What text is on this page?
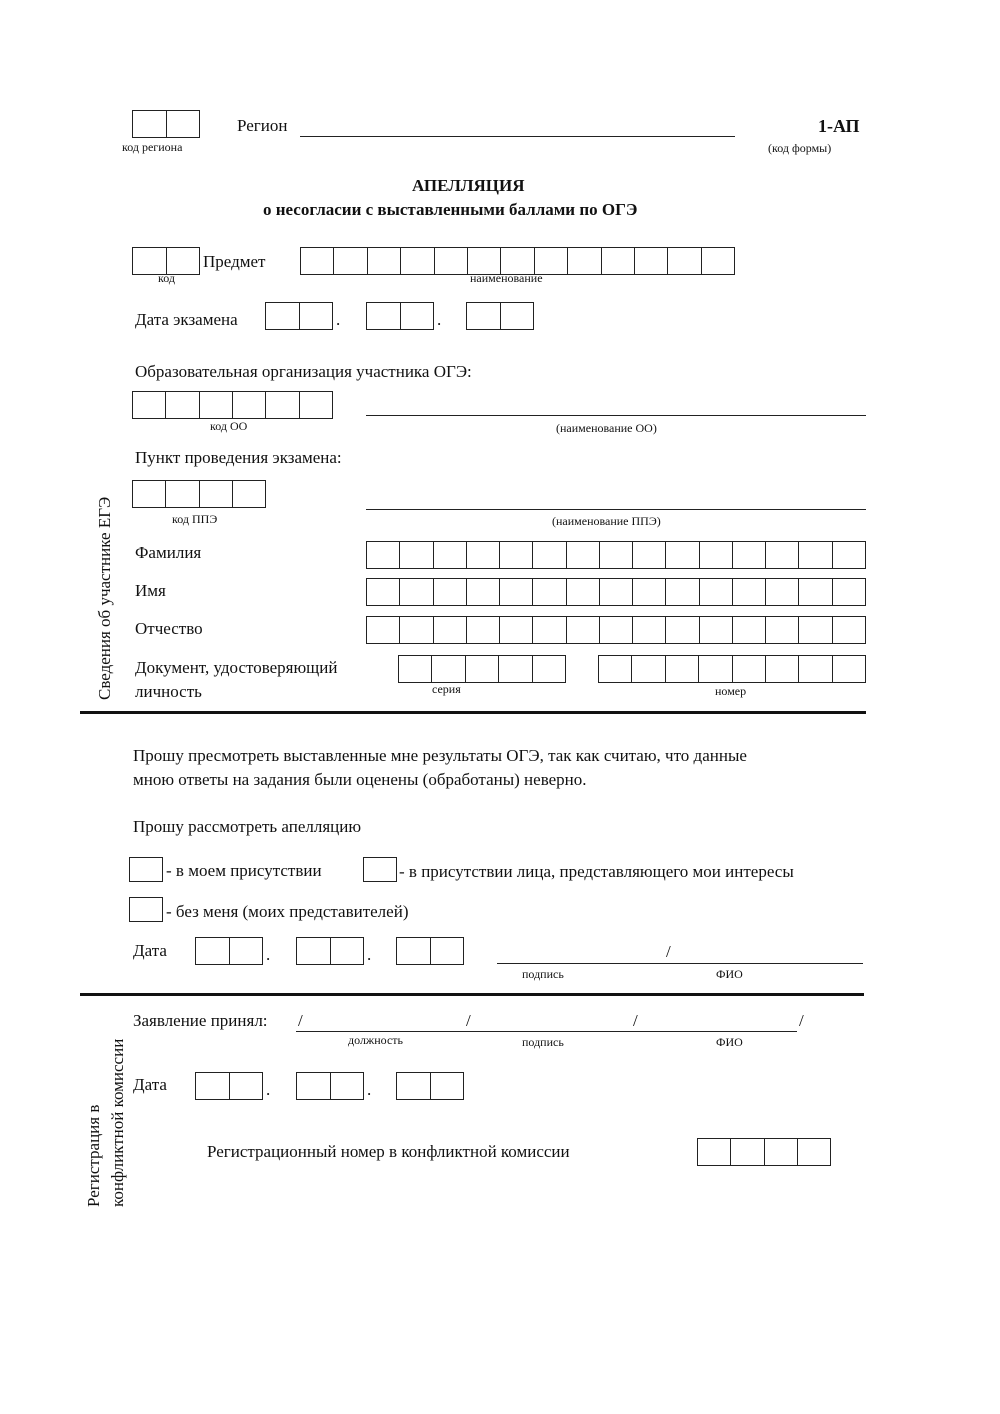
код региона
Регион	1-АП
(код формы)
АПЕЛЛЯЦИЯ
о несогласии с выставленными баллами по ОГЭ
код
Предмет
наименование
Дата экзамена	.	.
Образовательная организация участника ОГЭ:
код ОО	(наименование ОО)
Пункт проведения экзамена:
код ППЭ	(наименование ППЭ)
Фамилия
Имя
Отчество
Документ, удостоверяющий
личность	серия	номер
Сведения об участнике ЕГЭ
Прошу пресмотреть выставленные мне результаты ОГЭ, так как считаю, что данные
мною ответы на задания были оценены (обработаны) неверно.
Прошу рассмотреть апелляцию
- в моем присутствии	- в присутствии лица, представляющего мои интересы
- без меня (моих представителей)
Дата	.	.	/
подпись	ФИО
Регистрация в конфликтной комиссии
Заявление принял: /	/	/	/
должность	подпись	ФИО
Дата	.	.
Регистрационный номер в конфликтной комиссии
